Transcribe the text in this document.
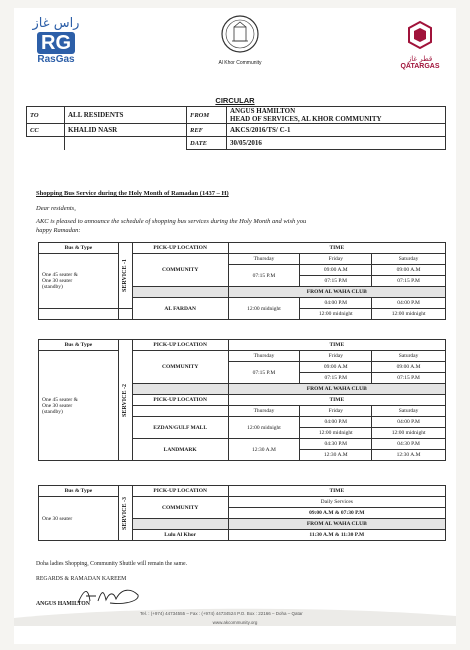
راس غاز
RG
RasGas	Al Khor Community	قطر غاز
QATARGAS
CIRCULAR
TO	ALL RESIDENTS	FROM	ANGUS HAMILTON
HEAD OF SERVICES, AL KHOR COMMUNITY

CC	KHALID NASR	REF	AKCS/2016/TS/ C-1
		DATE	30/05/2016
Shopping Bus Service during the Holy Month of Ramadan (1437 – H)
Dear residents,
AKC is pleased to announce the schedule of shopping bus services during the Holy Month and wish you
happy Ramadan:
Bus & Type	SERVICE -1	PICK-UP LOCATION	TIME		

One 45 seater &
One 30 seater
(standby)		COMMUNITY	Thursday	Friday	Saturday
			07:15 P.M	09:00 A.M	09:00 A.M
				07:15 P.M	07:15 P.M
			FROM AL WAHA CLUB		
		AL FARDAN	12:00 midnight	04:00 P.M	04:00 P.M
				12:00 midnight	12:00 midnight
Bus & Type	SERVICE -2	PICK-UP LOCATION	TIME		

One 45 seater &
One 30 seater
(standby)		COMMUNITY	Thursday	Friday	Saturday
			07:15 P.M	09:00 A.M	09:00 A.M
				07:15 P.M	07:15 P.M
			FROM AL WAHA CLUB		
		PICK-UP LOCATION	TIME		
			Thursday	Friday	Saturday
		EZDAN/GULF MALL	12:00 midnight	04:00 P.M	04:00 P.M
				12:00 midnight	12:00 midnight
		LANDMARK	12:30 A.M	04:30 P.M	04:30 P.M
				12:30 A.M	12:30 A.M
Bus & Type	SERVICE -3	PICK-UP LOCATION	TIME
One 30 seater		COMMUNITY	Daily Services
			09:00 A.M & 07:30 P.M
			FROM AL WAHA CLUB
		Lulu Al Khor	11:30 A.M & 11:30 P.M
Doha ladies Shopping, Community Shuttle will remain the same.
REGARDS & RAMADAN KAREEM
ANGUS HAMILTON
Tel. : (+974) 44734555 – Fax : (+974) 44734524 P.O. Box : 22166 – Doha – Qatar
www.akcommunity.org
